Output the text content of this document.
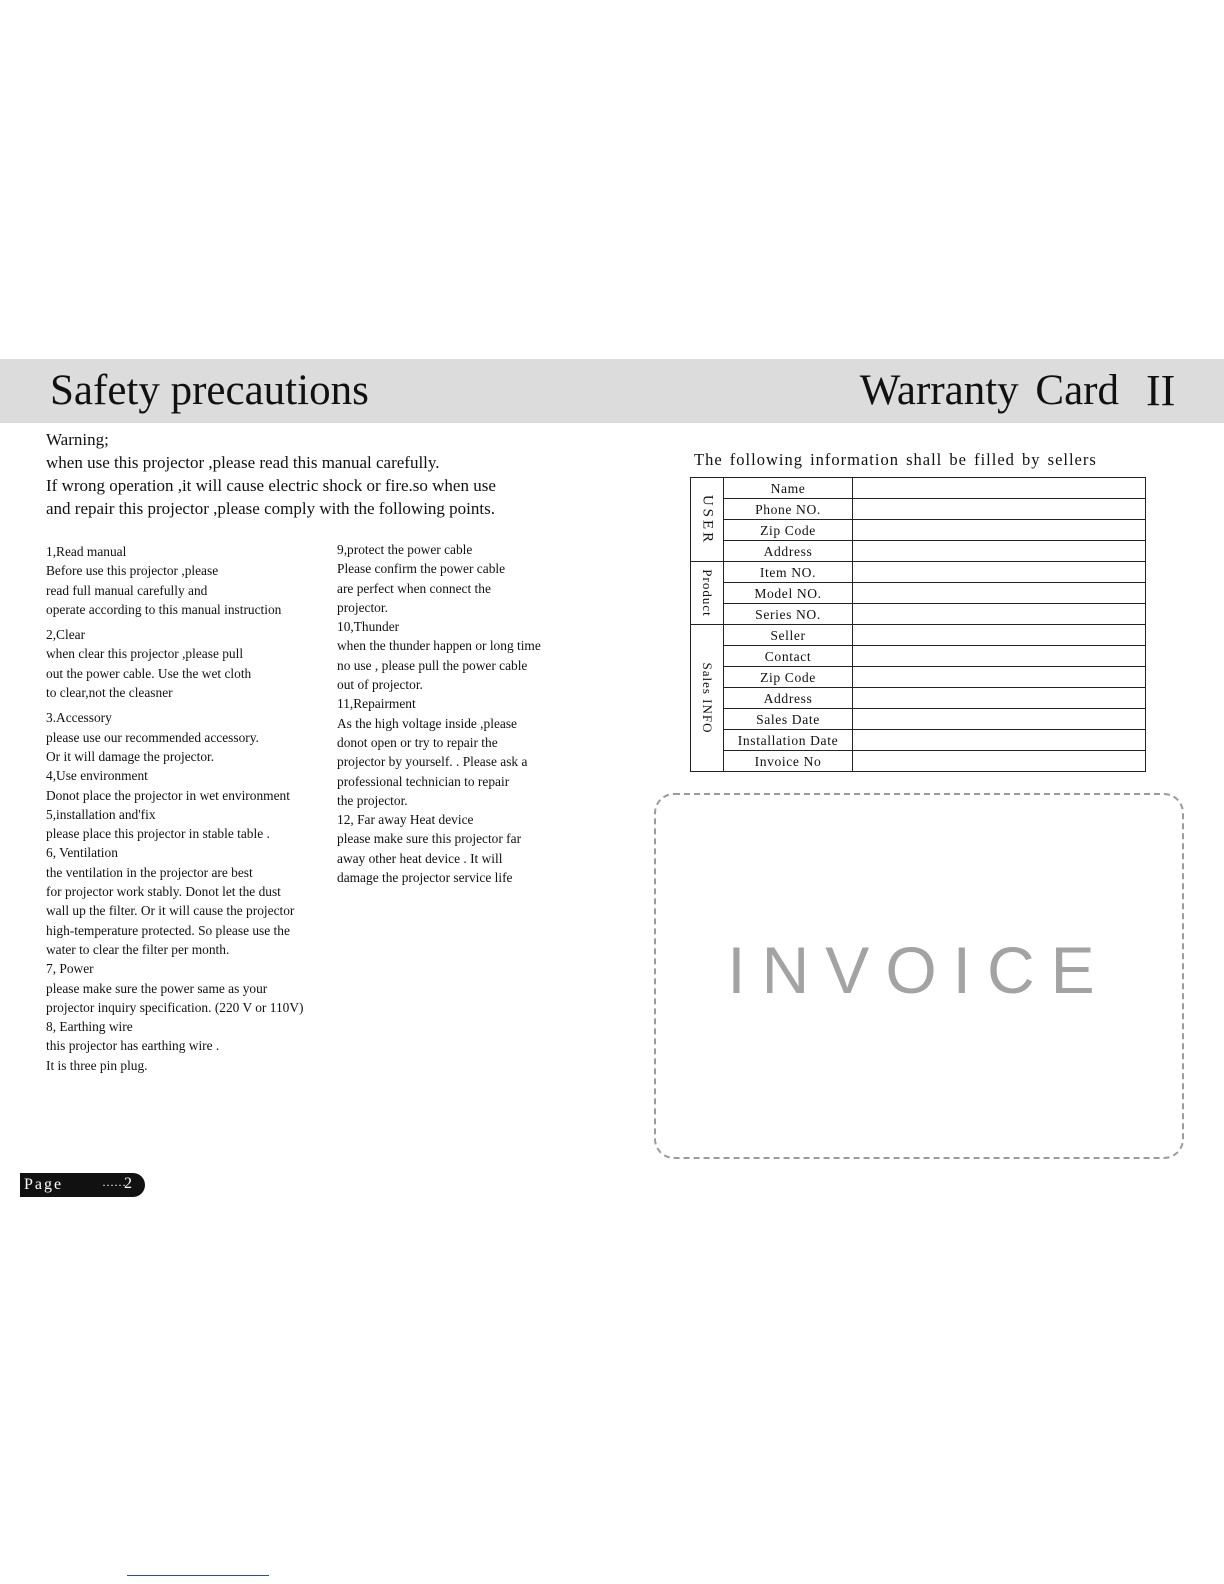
Safety precautions	Warranty Card II
Warning;
when use this projector ,please read this manual carefully.
If wrong operation ,it will cause electric shock or fire.so when use
and repair this projector ,please comply with the following points.
1,Read manual
Before use this projector ,please
read full manual carefully and
operate according to this manual instruction
2,Clear
when clear this projector ,please pull
out the power cable. Use the wet cloth
to clear,not the cleasner
3.Accessory
please use our recommended accessory.
Or it will damage the projector.
4,Use environment
Donot place the projector in wet environment
5,installation and'fix
please place this projector in stable table .
6, Ventilation
the ventilation in the projector are best
for projector work stably. Donot let the dust
wall up the filter. Or it will cause the projector
high-temperature protected. So please use the
water to clear the filter per month.
7, Power
please make sure the power same as your
projector inquiry specification. (220 V or 110V)
8, Earthing wire
this projector has earthing wire .
It is three pin plug.
9,protect the power cable
Please confirm the power cable
are perfect when connect the
projector.
10,Thunder
when the thunder happen or long time
no use , please pull the power cable
out of projector.
11,Repairment
As the high voltage inside ,please
donot open or try to repair the
projector by yourself. . Please ask a
professional technician to repair
the projector.
12, Far away Heat device
please make sure this projector far
away other heat device . It will
damage the projector service life
The following information shall be filled by sellers
USER	Name	
	Phone NO.	
	Zip Code	
	Address	

Product	Item NO.	
	Model NO.	
	Series NO.	

Sales INFO	Seller	
	Contact	
	Zip Code	
	Address	
	Sales Date	
	Installation Date	
	Invoice No	
INVOICE
Page	……
2
